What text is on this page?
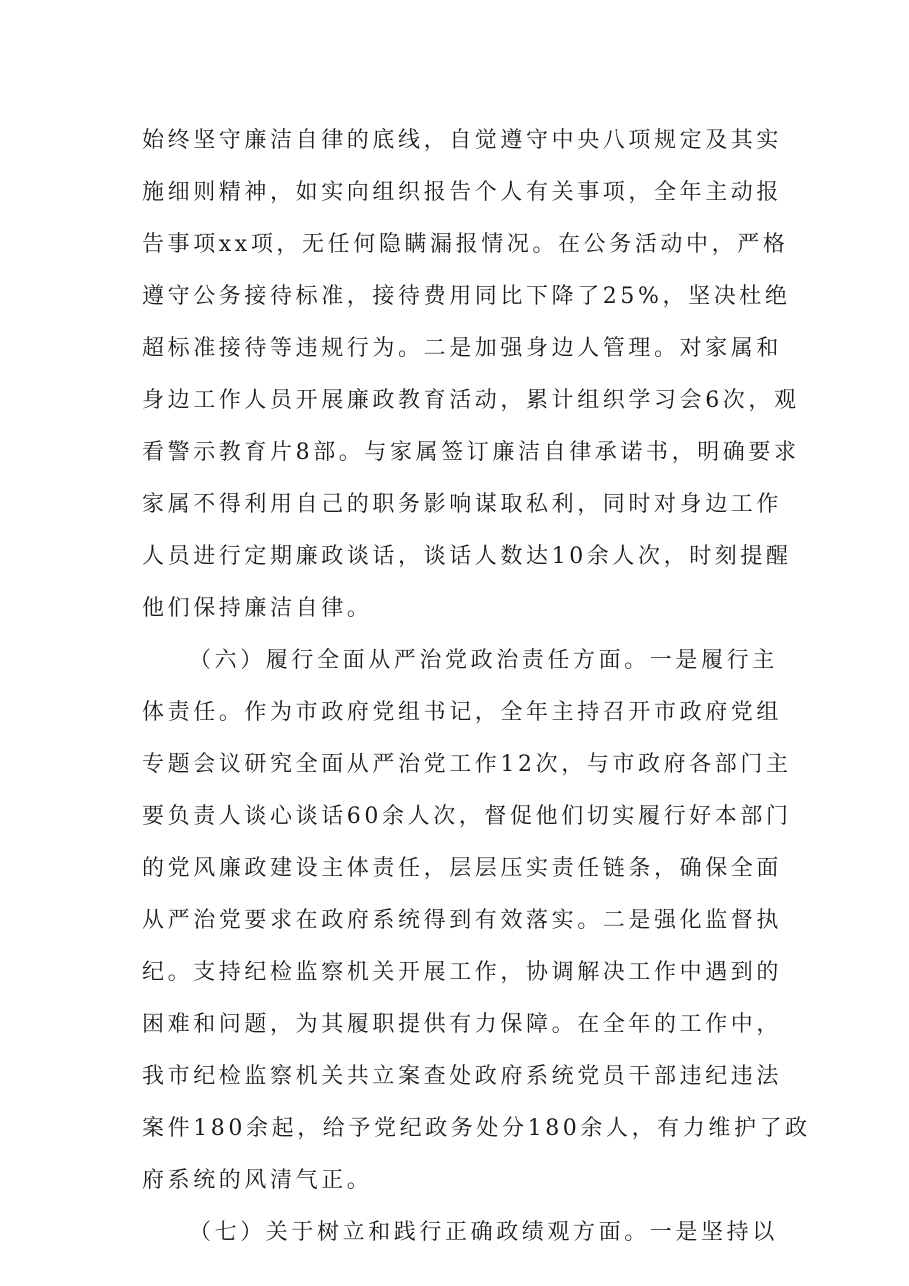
始终坚守廉洁自律的底线，自觉遵守中央八项规定及其实
施细则精神，如实向组织报告个人有关事项，全年主动报
告事项xx项，无任何隐瞒漏报情况。在公务活动中，严格
遵守公务接待标准，接待费用同比下降了25%，坚决杜绝
超标准接待等违规行为。二是加强身边人管理。对家属和
身边工作人员开展廉政教育活动，累计组织学习会6次，观
看警示教育片8部。与家属签订廉洁自律承诺书，明确要求
家属不得利用自己的职务影响谋取私利，同时对身边工作
人员进行定期廉政谈话，谈话人数达10余人次，时刻提醒
他们保持廉洁自律。
（六）履行全面从严治党政治责任方面。一是履行主
体责任。作为市政府党组书记，全年主持召开市政府党组
专题会议研究全面从严治党工作12次，与市政府各部门主
要负责人谈心谈话60余人次，督促他们切实履行好本部门
的党风廉政建设主体责任，层层压实责任链条，确保全面
从严治党要求在政府系统得到有效落实。二是强化监督执
纪。支持纪检监察机关开展工作，协调解决工作中遇到的
困难和问题，为其履职提供有力保障。在全年的工作中，
我市纪检监察机关共立案查处政府系统党员干部违纪违法
案件180余起，给予党纪政务处分180余人，有力维护了政
府系统的风清气正。
（七）关于树立和践行正确政绩观方面。一是坚持以
